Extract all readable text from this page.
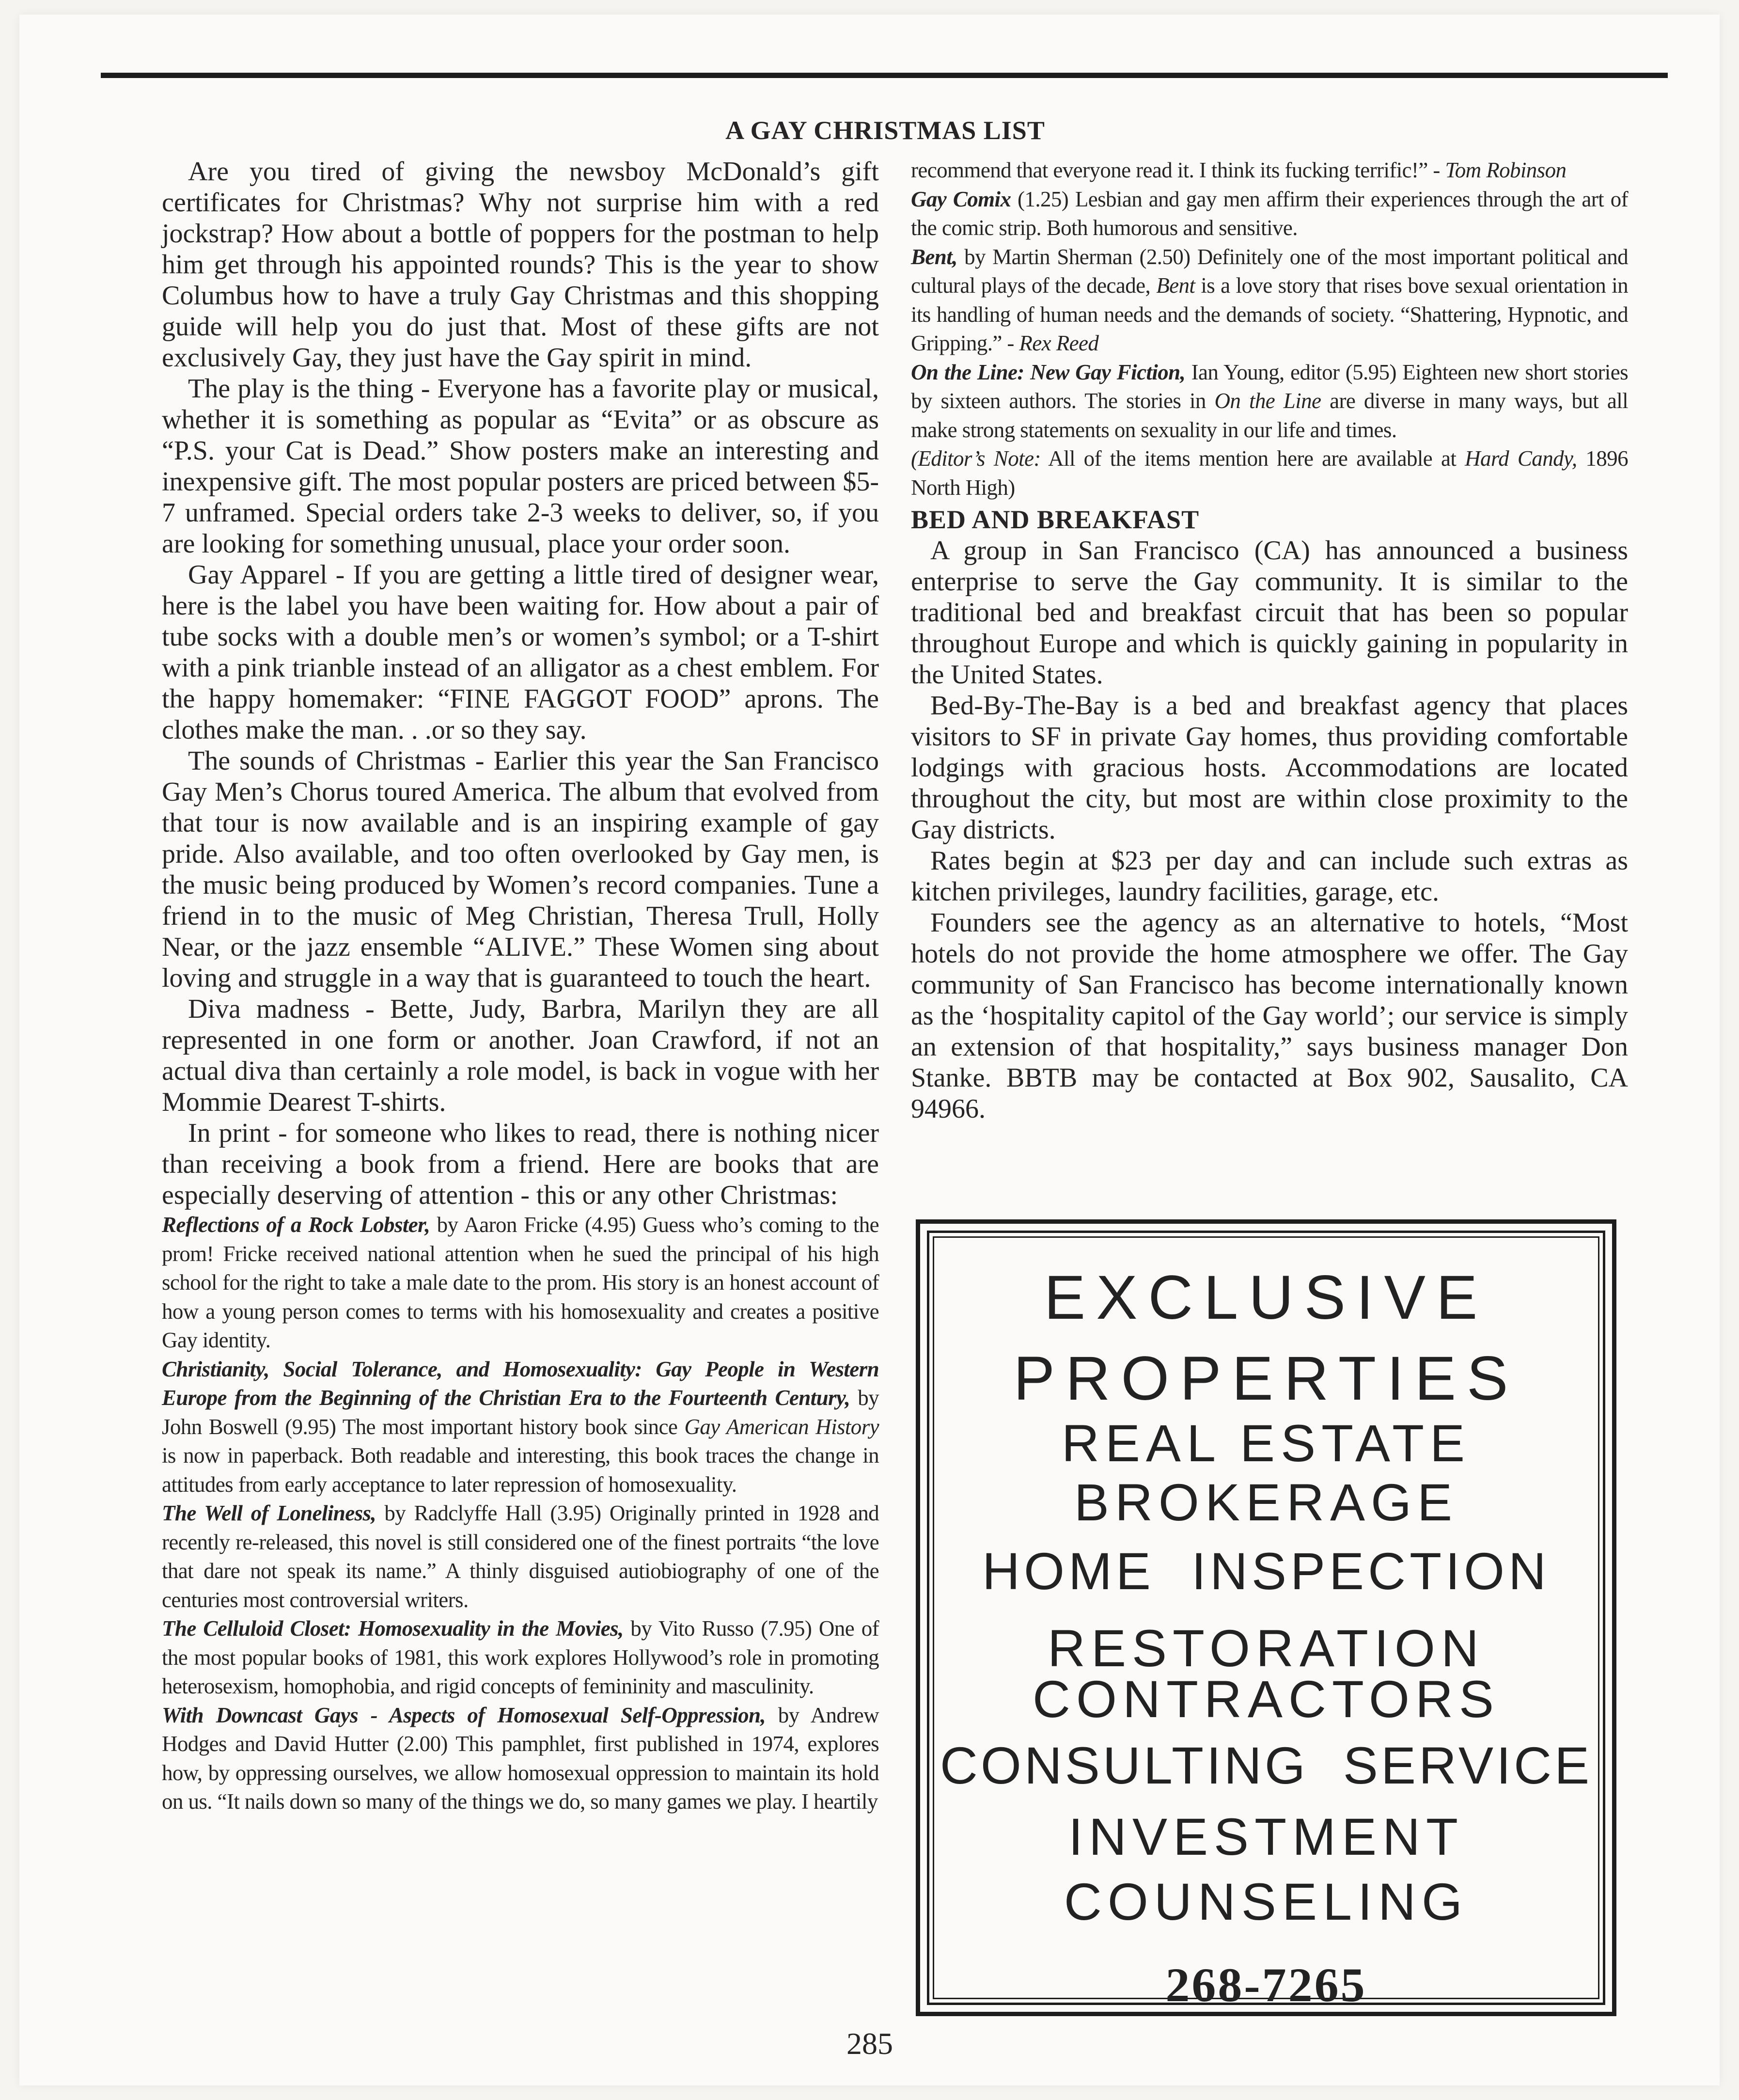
A GAY CHRISTMAS LIST

Are you tired of giving the newsboy McDonald’s gift certificates for Christmas? Why not surprise him with a red jockstrap? How about a bottle of poppers for the postman to help him get through his appointed rounds? This is the year to show Columbus how to have a truly Gay Christmas and this shopping guide will help you do just that. Most of these gifts are not exclusively Gay, they just have the Gay spirit in mind.

The play is the thing - Everyone has a favorite play or musical, whether it is something as popular as “Evita” or as obscure as “P.S. your Cat is Dead.” Show posters make an interesting and inexpensive gift. The most popular posters are priced between $5-7 unframed. Special orders take 2-3 weeks to deliver, so, if you are looking for something unusual, place your order soon.

Gay Apparel - If you are getting a little tired of designer wear, here is the label you have been waiting for. How about a pair of tube socks with a double men’s or women’s symbol; or a T-shirt with a pink trianble instead of an alligator as a chest emblem. For the happy homemaker: “FINE FAGGOT FOOD” aprons. The clothes make the man. . .or so they say.

The sounds of Christmas - Earlier this year the San Francisco Gay Men’s Chorus toured America. The album that evolved from that tour is now available and is an inspiring example of gay pride. Also available, and too often overlooked by Gay men, is the music being produced by Women’s record companies. Tune a friend in to the music of Meg Christian, Theresa Trull, Holly Near, or the jazz ensemble “ALIVE.” These Women sing about loving and struggle in a way that is guaranteed to touch the heart.

Diva madness - Bette, Judy, Barbra, Marilyn they are all represented in one form or another. Joan Crawford, if not an actual diva than certainly a role model, is back in vogue with her Mommie Dearest T-shirts.

In print - for someone who likes to read, there is nothing nicer than receiving a book from a friend. Here are books that are especially deserving of attention - this or any other Christmas:

Reflections of a Rock Lobster, by Aaron Fricke (4.95) Guess who’s coming to the prom! Fricke received national attention when he sued the principal of his high school for the right to take a male date to the prom. His story is an honest account of how a young person comes to terms with his homosexuality and creates a positive Gay identity.

Christianity, Social Tolerance, and Homosexuality: Gay People in Western Europe from the Beginning of the Christian Era to the Fourteenth Century, by John Boswell (9.95) The most important history book since Gay American History is now in paperback. Both readable and interesting, this book traces the change in attitudes from early acceptance to later repression of homosexuality.

The Well of Loneliness, by Radclyffe Hall (3.95) Originally printed in 1928 and recently re-released, this novel is still considered one of the finest portraits “the love that dare not speak its name.” A thinly disguised autiobiography of one of the centuries most controversial writers.

The Celluloid Closet: Homosexuality in the Movies, by Vito Russo (7.95) One of the most popular books of 1981, this work explores Hollywood’s role in promoting heterosexism, homophobia, and rigid concepts of femininity and masculinity.

With Downcast Gays - Aspects of Homosexual Self-Oppression, by Andrew Hodges and David Hutter (2.00) This pamphlet, first published in 1974, explores how, by oppressing ourselves, we allow homosexual oppression to maintain its hold on us. “It nails down so many of the things we do, so many games we play. I heartily

recommend that everyone read it. I think its fucking terrific!” - Tom Robinson

Gay Comix (1.25) Lesbian and gay men affirm their experiences through the art of the comic strip. Both humorous and sensitive.

Bent, by Martin Sherman (2.50) Definitely one of the most important political and cultural plays of the decade, Bent is a love story that rises bove sexual orientation in its handling of human needs and the demands of society. “Shattering, Hypnotic, and Gripping.” - Rex Reed

On the Line: New Gay Fiction, Ian Young, editor (5.95) Eighteen new short stories by sixteen authors. The stories in On the Line are diverse in many ways, but all make strong statements on sexuality in our life and times.

(Editor’s Note: All of the items mention here are available at Hard Candy, 1896 North High)

BED AND BREAKFAST

A group in San Francisco (CA) has announced a business enterprise to serve the Gay community. It is similar to the traditional bed and breakfast circuit that has been so popular throughout Europe and which is quickly gaining in popularity in the United States.

Bed-By-The-Bay is a bed and breakfast agency that places visitors to SF in private Gay homes, thus providing comfortable lodgings with gracious hosts. Accommodations are located throughout the city, but most are within close proximity to the Gay districts.

Rates begin at $23 per day and can include such extras as kitchen privileges, laundry facilities, garage, etc.

Founders see the agency as an alternative to hotels, “Most hotels do not provide the home atmosphere we offer. The Gay community of San Francisco has become internationally known as the ‘hospitality capitol of the Gay world’; our service is simply an extension of that hospitality,” says business manager Don Stanke. BBTB may be contacted at Box 902, Sausalito, CA 94966.

EXCLUSIVE
PROPERTIES
REAL ESTATE
BROKERAGE
HOME  INSPECTION
RESTORATION
CONTRACTORS
CONSULTING  SERVICE
INVESTMENT
COUNSELING
268-7265
285
